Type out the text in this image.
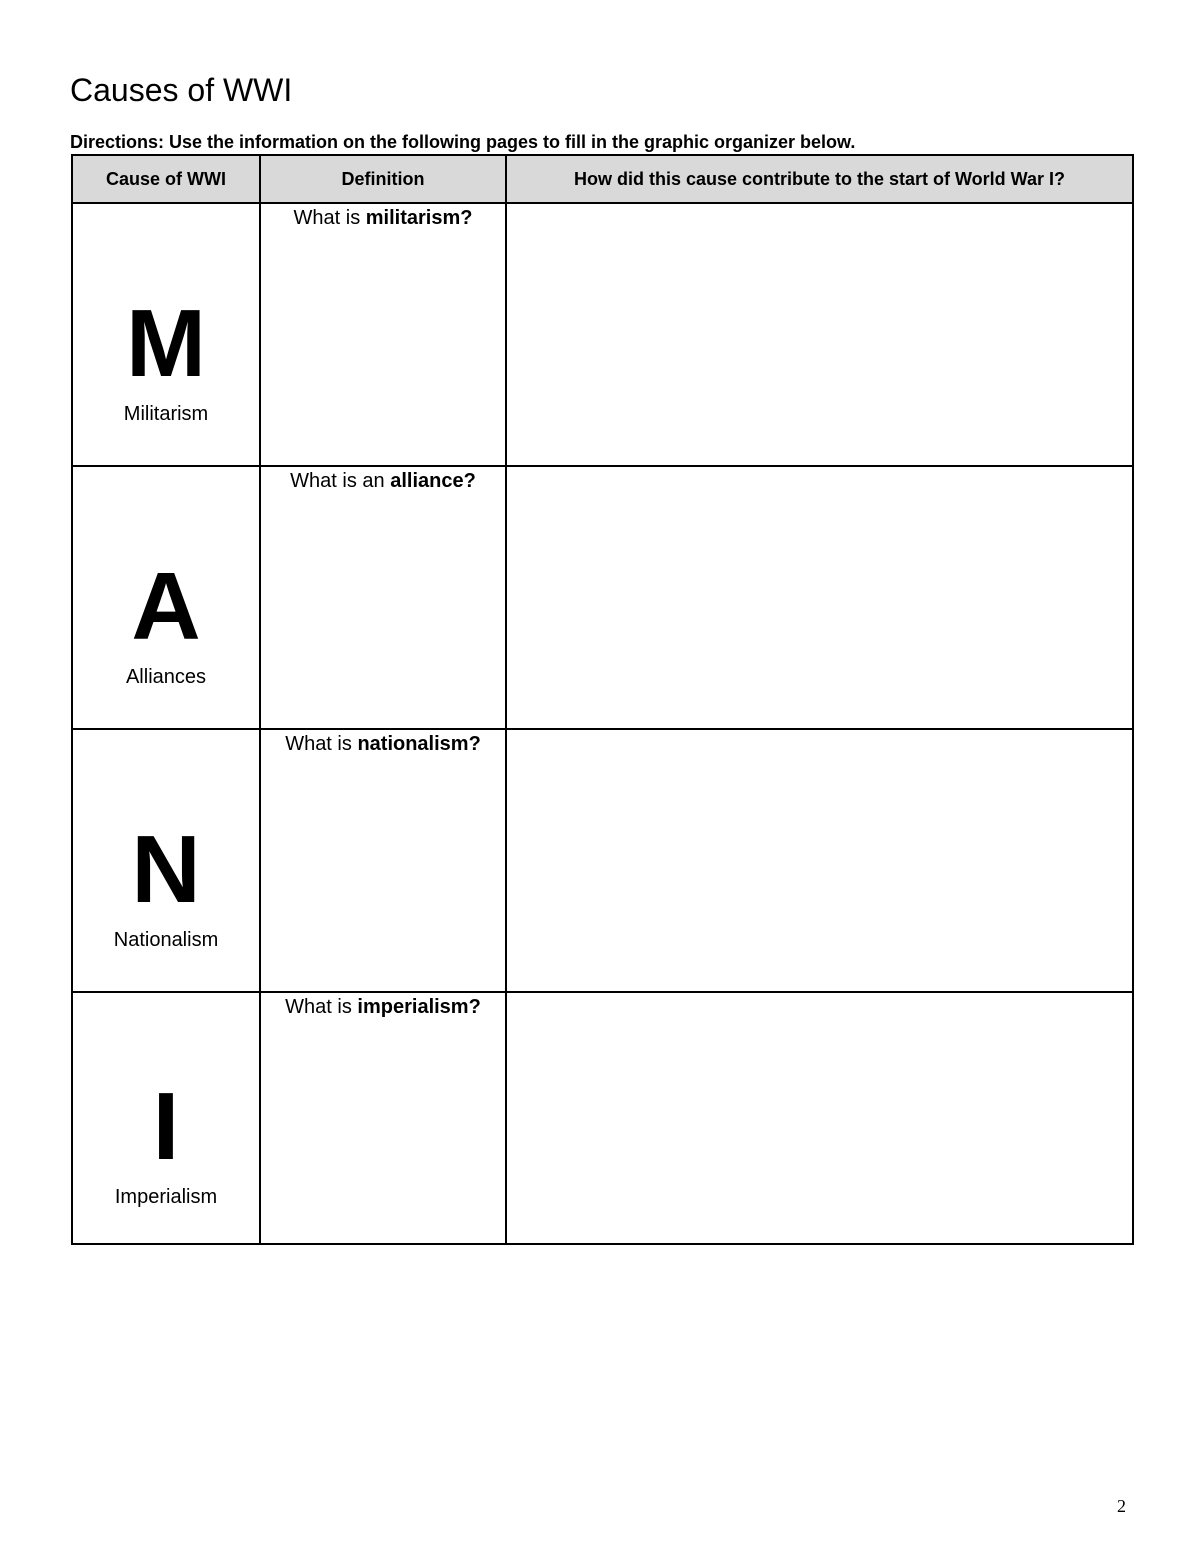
Causes of WWI

Directions: Use the information on the following pages to fill in the graphic organizer below.

Cause of WWI	Definition	How did this cause contribute to the start of World War I?

M
Militarism	What is militarism?	

A
Alliances	What is an alliance?	

N
Nationalism	What is nationalism?	

I
Imperialism	What is imperialism?	

2
